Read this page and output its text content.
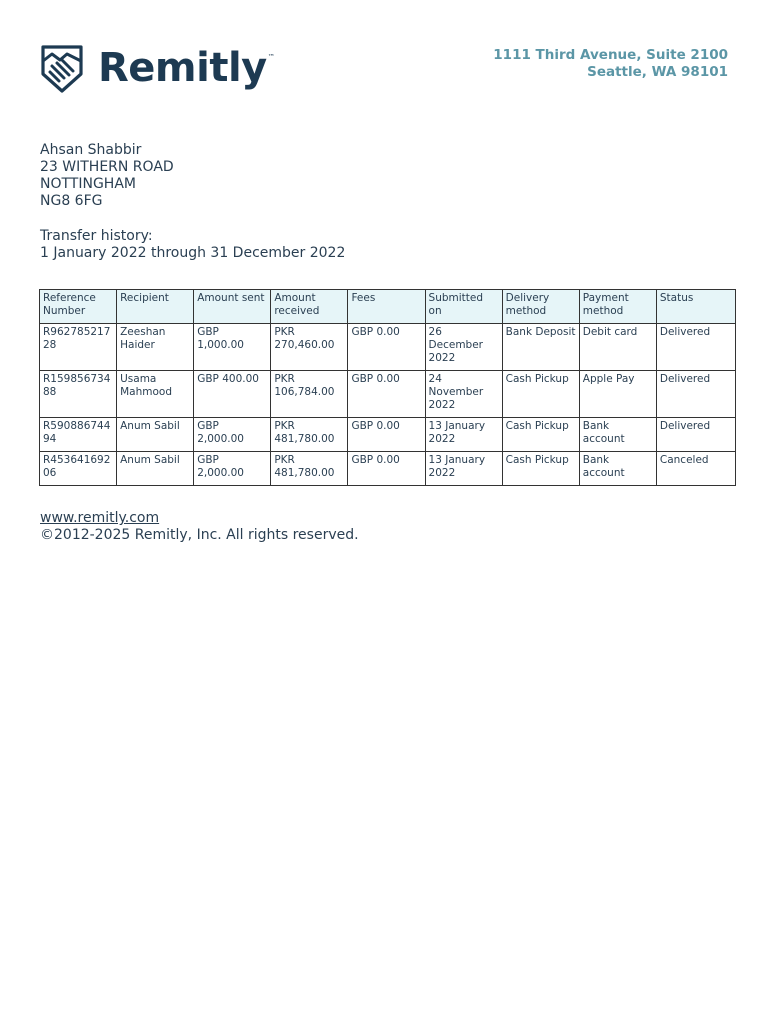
Remitly™	1111 Third Avenue, Suite 2100
Seattle, WA 98101
Ahsan Shabbir
23 WITHERN ROAD
NOTTINGHAM
NG8 6FG
Transfer history:
1 January 2022 through 31 December 2022
Reference Number	Recipient	Amount sent	Amount received	Fees	Submitted on	Delivery method	Payment method	Status
R96278521728	Zeeshan Haider	GBP 1,000.00	PKR 270,460.00	GBP 0.00	26 December 2022	Bank Deposit	Debit card	Delivered
R15985673488	Usama Mahmood	GBP 400.00	PKR 106,784.00	GBP 0.00	24 November 2022	Cash Pickup	Apple Pay	Delivered
R59088674494	Anum Sabil	GBP 2,000.00	PKR 481,780.00	GBP 0.00	13 January 2022	Cash Pickup	Bank account	Delivered
R45364169206	Anum Sabil	GBP 2,000.00	PKR 481,780.00	GBP 0.00	13 January 2022	Cash Pickup	Bank account	Canceled
www.remitly.com
©2012-2025 Remitly, Inc. All rights reserved.
